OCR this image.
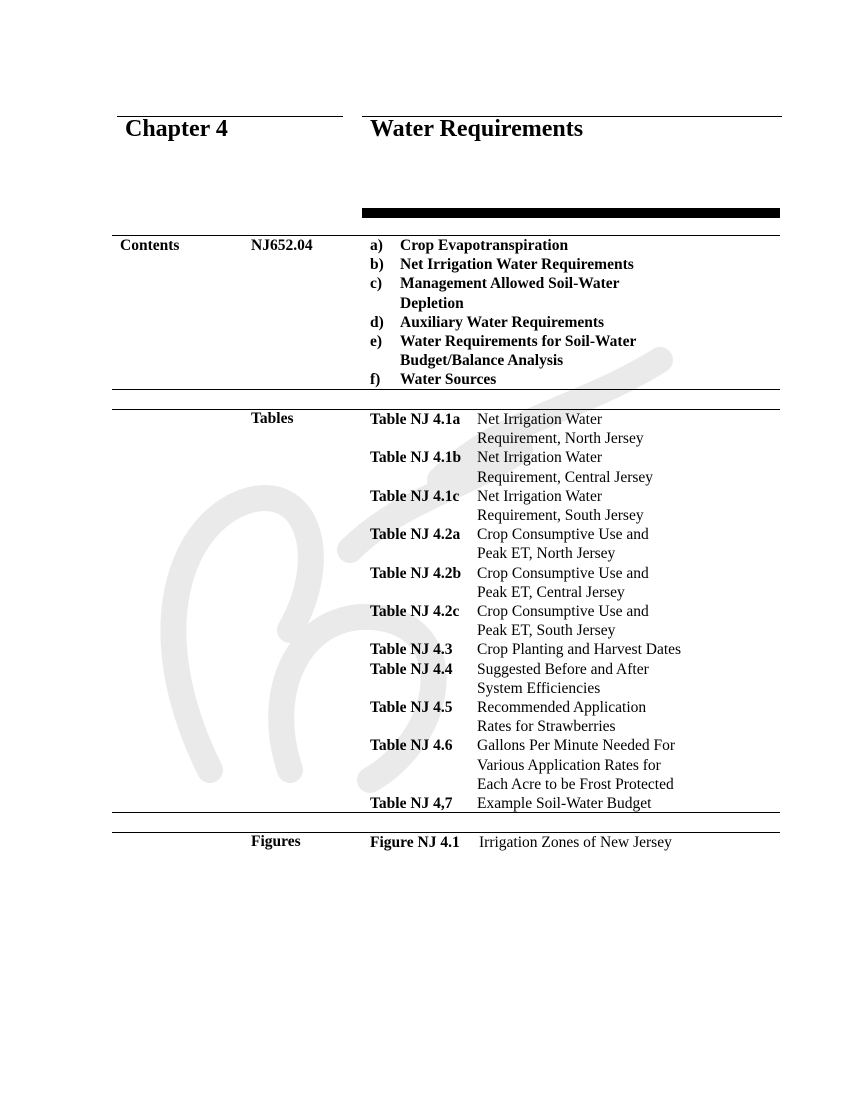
Chapter 4	Water Requirements
Contents	NJ652.04	a)	Crop Evapotranspiration
b)	Net Irrigation Water Requirements
c)	Management Allowed Soil-Water Depletion
d)	Auxiliary Water Requirements
e)	Water Requirements for Soil-Water Budget/Balance Analysis
f)	Water Sources
Tables	Table NJ 4.1a	Net Irrigation Water Requirement, North Jersey
Table NJ 4.1b	Net Irrigation Water Requirement, Central Jersey
Table NJ 4.1c	Net Irrigation Water Requirement, South Jersey
Table NJ 4.2a	Crop Consumptive Use and Peak ET, North Jersey
Table NJ 4.2b	Crop Consumptive Use and Peak ET, Central Jersey
Table NJ 4.2c	Crop Consumptive Use and Peak ET, South Jersey
Table NJ 4.3	Crop Planting and Harvest Dates
Table NJ 4.4	Suggested Before and After System Efficiencies
Table NJ 4.5	Recommended Application Rates for Strawberries
Table NJ 4.6	Gallons Per Minute Needed For Various Application Rates for Each Acre to be Frost Protected
Table NJ 4,7	Example Soil-Water Budget
Figures	Figure NJ 4.1	Irrigation Zones of New Jersey
